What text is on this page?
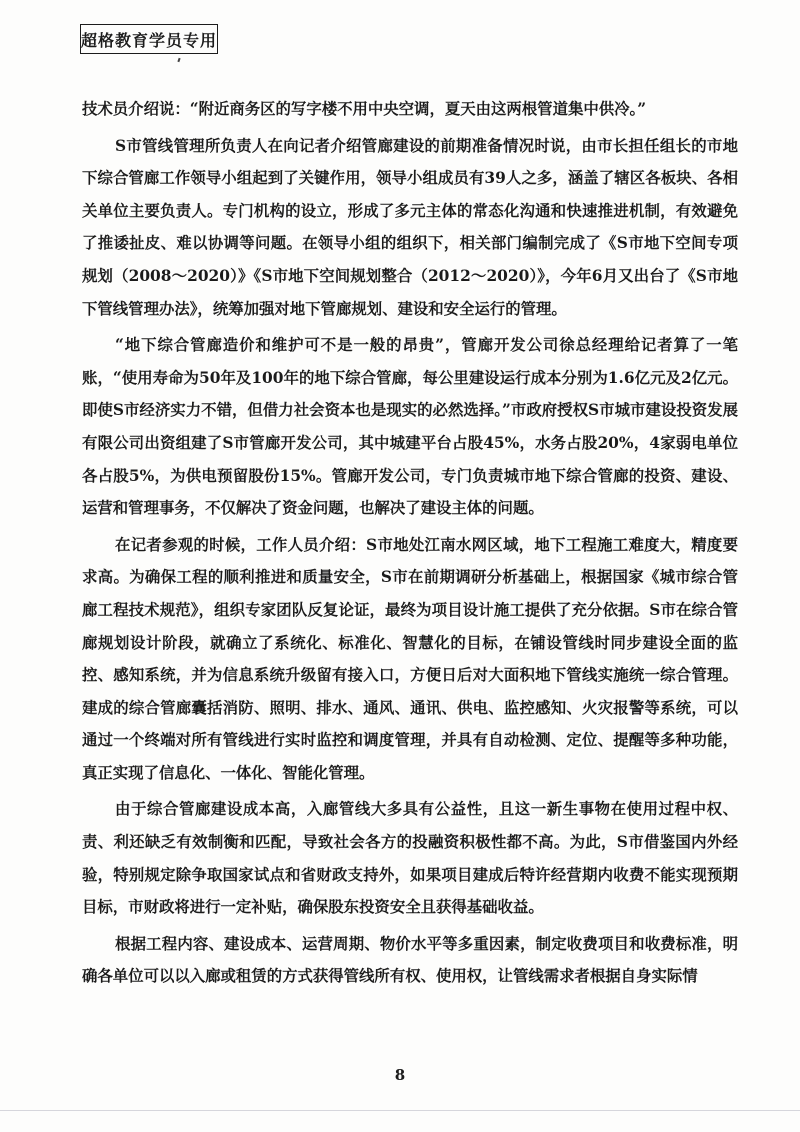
超格教育学员专用

技术员介绍说：“附近商务区的写字楼不用中央空调，夏天由这两根管道集中供冷。”

S市管线管理所负责人在向记者介绍管廊建设的前期准备情况时说，由市长担任组长的市地下综合管廊工作领导小组起到了关键作用，领导小组成员有39人之多，涵盖了辖区各板块、各相关单位主要负责人。专门机构的设立，形成了多元主体的常态化沟通和快速推进机制，有效避免了推诿扯皮、难以协调等问题。在领导小组的组织下，相关部门编制完成了《S市地下空间专项规划（2008～2020）》《S市地下空间规划整合（2012～2020）》，今年6月又出台了《S市地下管线管理办法》，统筹加强对地下管廊规划、建设和安全运行的管理。

“地下综合管廊造价和维护可不是一般的昂贵”，管廊开发公司徐总经理给记者算了一笔账，“使用寿命为50年及100年的地下综合管廊，每公里建设运行成本分别为1.6亿元及2亿元。即使S市经济实力不错，但借力社会资本也是现实的必然选择。”市政府授权S市城市建设投资发展有限公司出资组建了S市管廊开发公司，其中城建平台占股45%，水务占股20%，4家弱电单位各占股5%，为供电预留股份15%。管廊开发公司，专门负责城市地下综合管廊的投资、建设、运营和管理事务，不仅解决了资金问题，也解决了建设主体的问题。

在记者参观的时候，工作人员介绍：S市地处江南水网区域，地下工程施工难度大，精度要求高。为确保工程的顺利推进和质量安全，S市在前期调研分析基础上，根据国家《城市综合管廊工程技术规范》，组织专家团队反复论证，最终为项目设计施工提供了充分依据。S市在综合管廊规划设计阶段，就确立了系统化、标准化、智慧化的目标，在铺设管线时同步建设全面的监控、感知系统，并为信息系统升级留有接入口，方便日后对大面积地下管线实施统一综合管理。建成的综合管廊囊括消防、照明、排水、通风、通讯、供电、监控感知、火灾报警等系统，可以通过一个终端对所有管线进行实时监控和调度管理，并具有自动检测、定位、提醒等多种功能，真正实现了信息化、一体化、智能化管理。

由于综合管廊建设成本高，入廊管线大多具有公益性，且这一新生事物在使用过程中权、责、利还缺乏有效制衡和匹配，导致社会各方的投融资积极性都不高。为此，S市借鉴国内外经验，特别规定除争取国家试点和省财政支持外，如果项目建成后特许经营期内收费不能实现预期目标，市财政将进行一定补贴，确保股东投资安全且获得基础收益。

根据工程内容、建设成本、运营周期、物价水平等多重因素，制定收费项目和收费标准，明确各单位可以以入廊或租赁的方式获得管线所有权、使用权，让管线需求者根据自身实际情

8
